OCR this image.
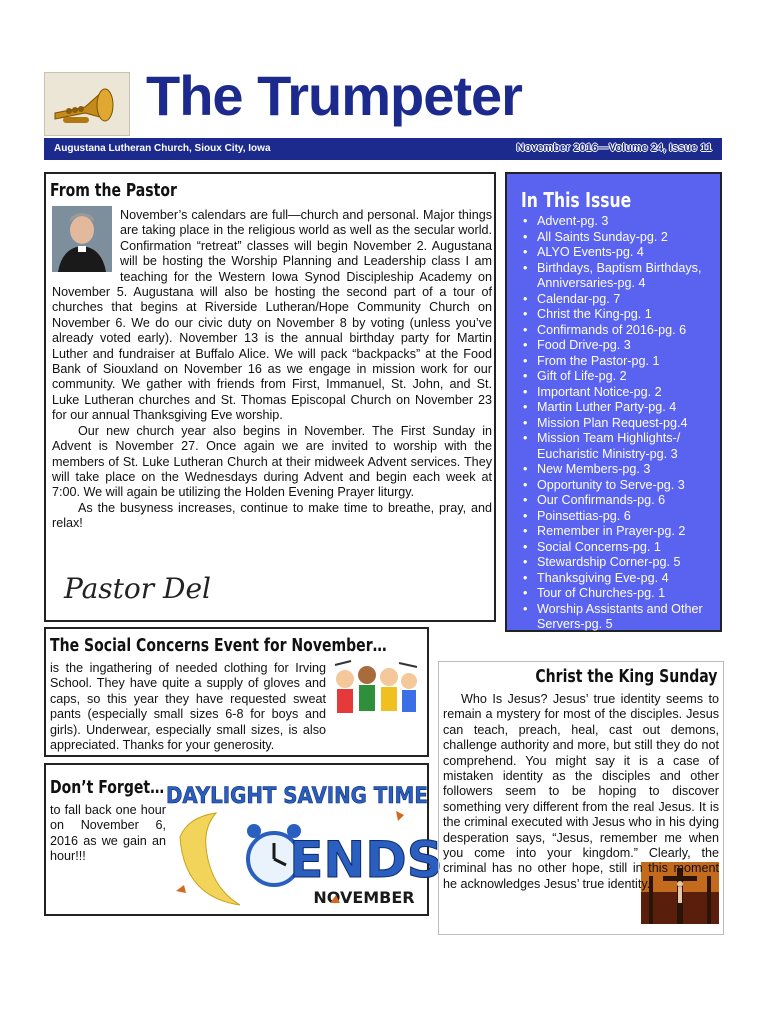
The Trumpeter
Augustana Lutheran Church, Sioux City, Iowa	November 2016—Volume 24, Issue 11
From the Pastor

November’s calendars are full—church and personal. Major things are taking place in the religious world as well as the secular world. Confirmation “retreat” classes will begin November 2. Augustana will be hosting the Worship Planning and Leadership class I am teaching for the Western Iowa Synod Discipleship Academy on November 5. Augustana will also be hosting the second part of a tour of churches that begins at Riverside Lutheran/Hope Community Church on November 6. We do our civic duty on November 8 by voting (unless you’ve already voted early). November 13 is the annual birthday party for Martin Luther and fundraiser at Buffalo Alice. We will pack “backpacks” at the Food Bank of Siouxland on November 16 as we engage in mission work for our community. We gather with friends from First, Immanuel, St. John, and St. Luke Lutheran churches and St. Thomas Episcopal Church on November 23 for our annual Thanksgiving Eve worship.

Our new church year also begins in November. The First Sunday in Advent is November 27. Once again we are invited to worship with the members of St. Luke Lutheran Church at their midweek Advent services. They will take place on the Wednesdays during Advent and begin each week at 7:00. We will again be utilizing the Holden Evening Prayer liturgy.

As the busyness increases, continue to make time to breathe, pray, and relax!

Pastor Del
In This Issue
• Advent-pg. 3
• All Saints Sunday-pg. 2
• ALYO Events-pg. 4
• Birthdays, Baptism Birthdays, Anniversaries-pg. 4
• Calendar-pg. 7
• Christ the King-pg. 1
• Confirmands of 2016-pg. 6
• Food Drive-pg. 3
• From the Pastor-pg. 1
• Gift of Life-pg. 2
• Important Notice-pg. 2
• Martin Luther Party-pg. 4
• Mission Plan Request-pg.4
• Mission Team Highlights-/ Eucharistic Ministry-pg. 3
• New Members-pg. 3
• Opportunity to Serve-pg. 3
• Our Confirmands-pg. 6
• Poinsettias-pg. 6
• Remember in Prayer-pg. 2
• Social Concerns-pg. 1
• Stewardship Corner-pg. 5
• Thanksgiving Eve-pg. 4
• Tour of Churches-pg. 1
• Worship Assistants and Other Servers-pg. 5
The Social Concerns Event for November…
is the ingathering of needed clothing for Irving School. They have quite a supply of gloves and caps, so this year they have requested sweat pants (especially small sizes 6-8 for boys and girls). Underwear, especially small sizes, is also appreciated. Thanks for your generosity.
Don’t Forget…
to fall back one hour on November 6, 2016 as we gain an hour!!!
DAYLIGHT SAVING TIME
ENDS
NOVEMBER
Christ the King Sunday
Who Is Jesus? Jesus’ true identity seems to remain a mystery for most of the disciples. Jesus can teach, preach, heal, cast out demons, challenge authority and more, but still they do not comprehend. You might say it is a case of mistaken identity as the disciples and other followers seem to be hoping to discover something very different from the real Jesus. It is the criminal executed with Jesus who in his dying desperation says, “Jesus, remember me when you come into your kingdom.” Clearly, the criminal has no other hope, still in this moment he acknowledges Jesus’ true identity.
